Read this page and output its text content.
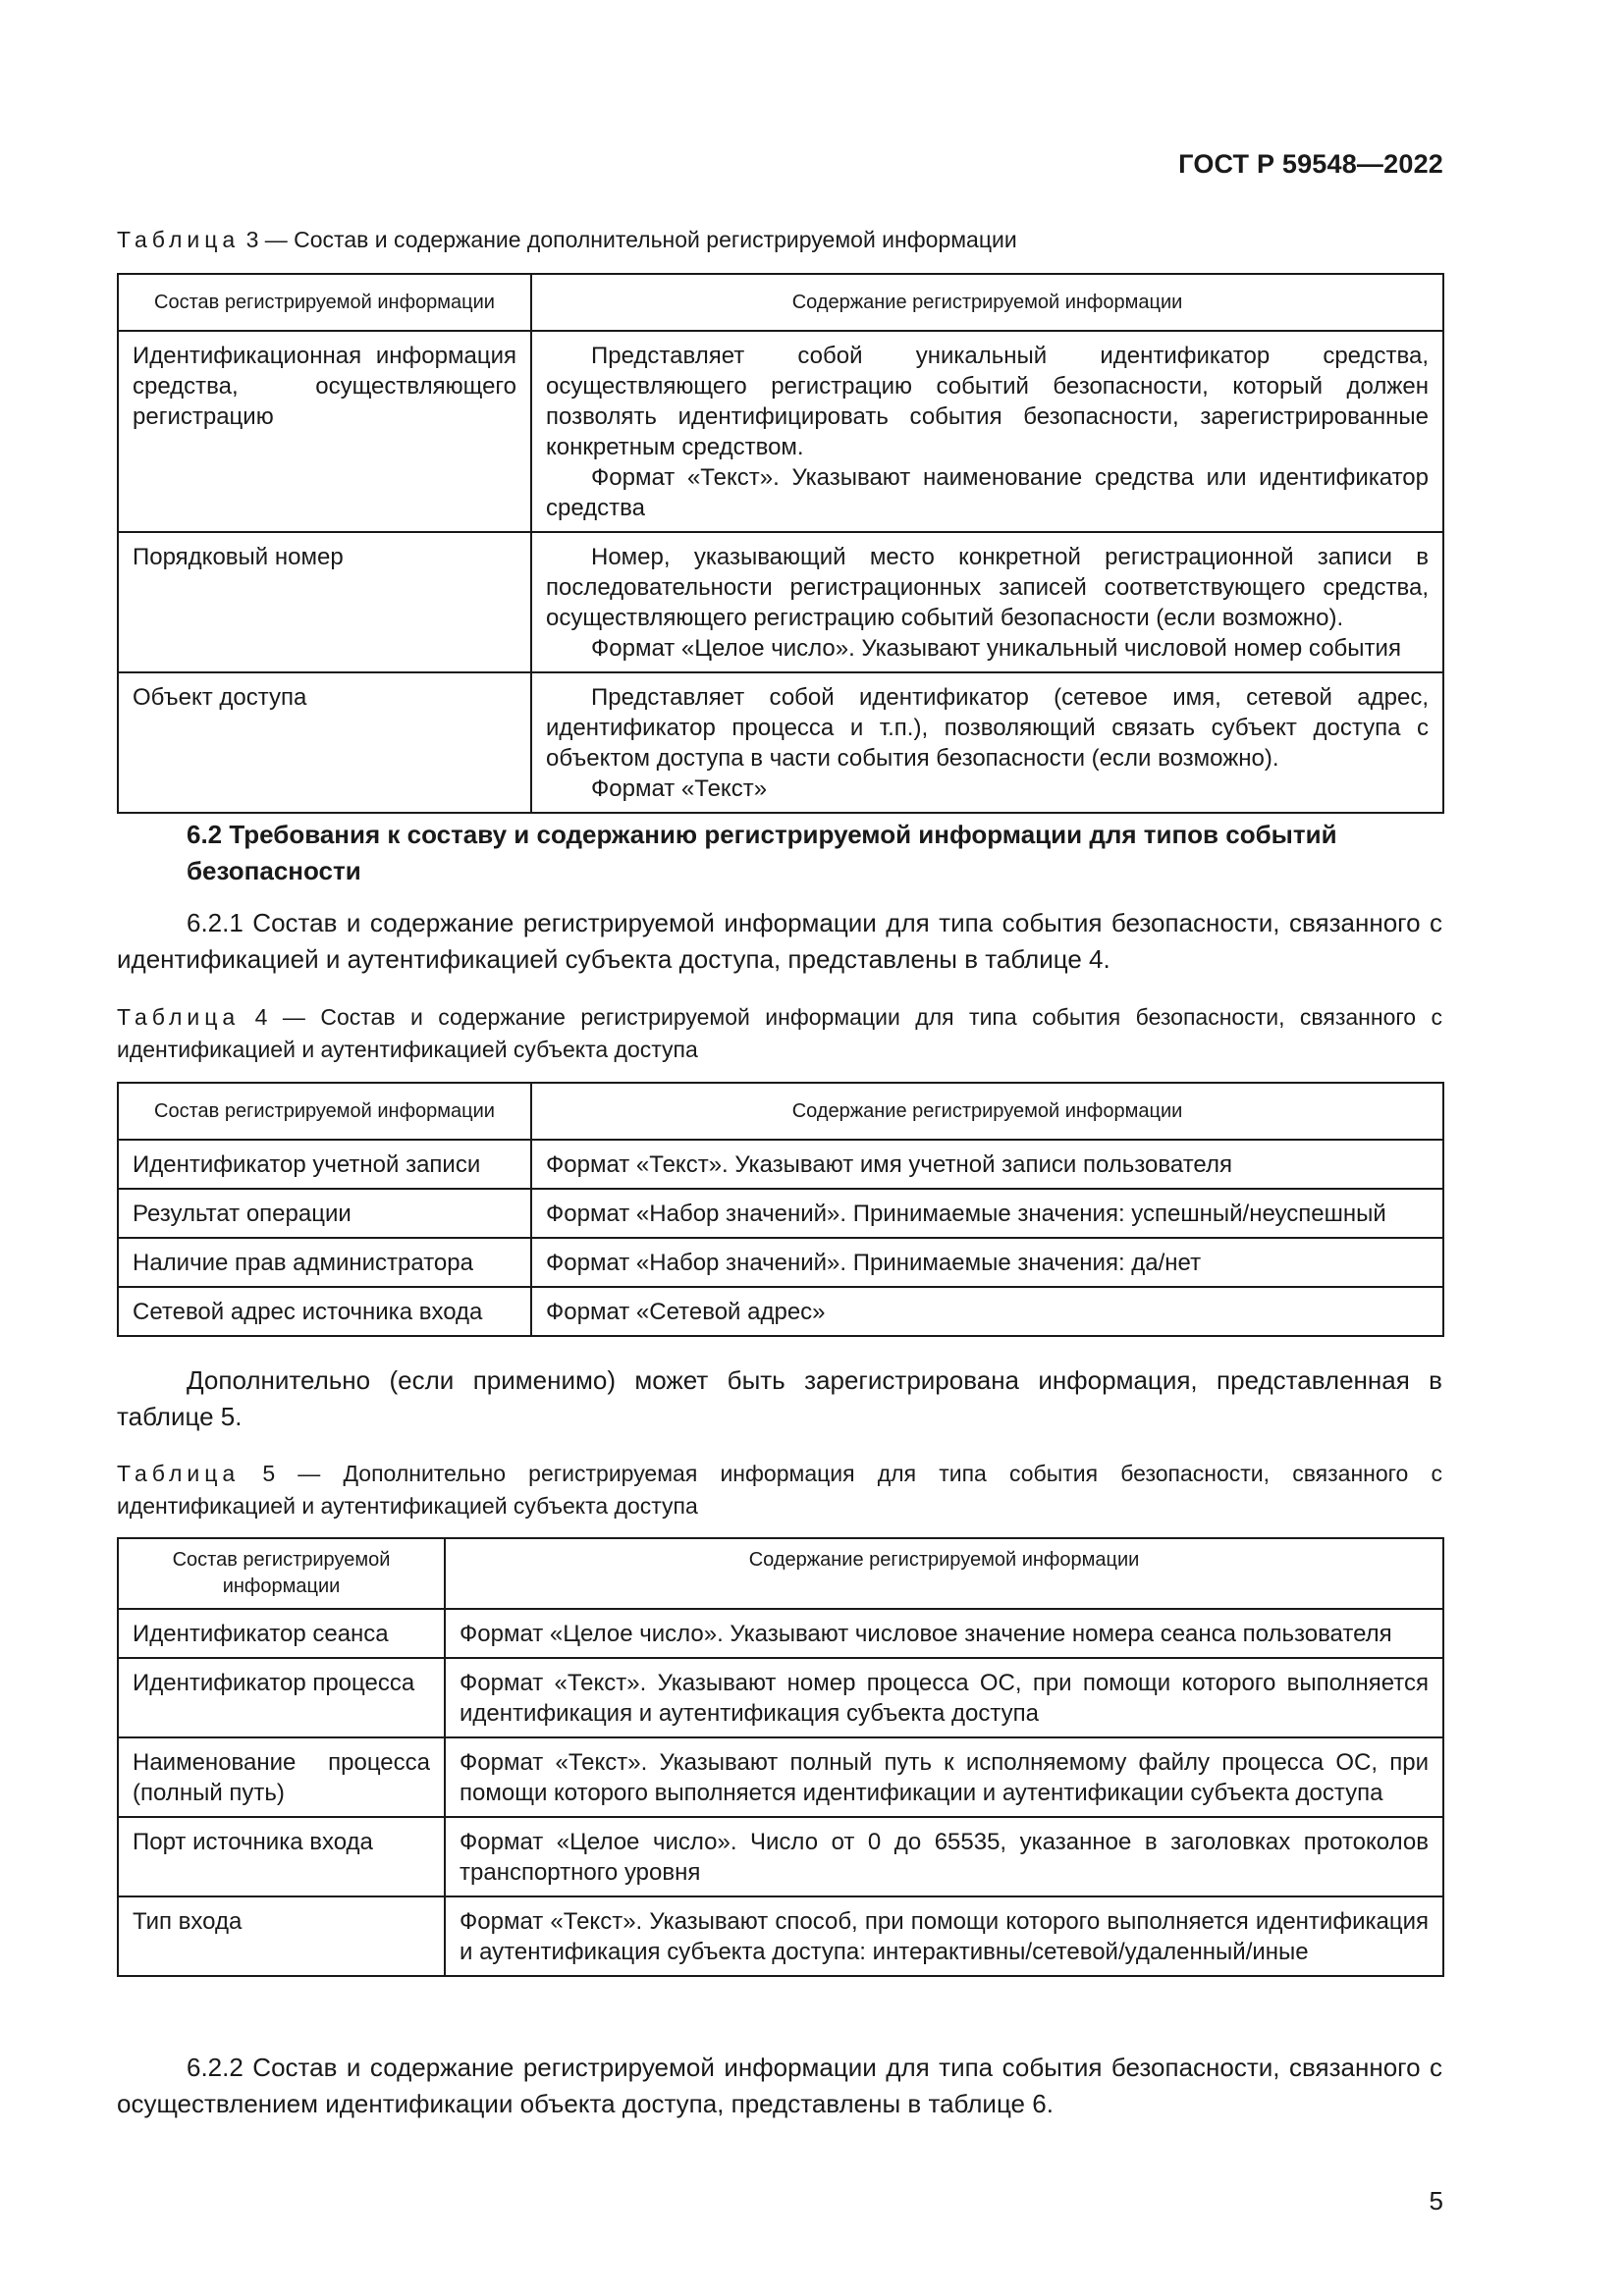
ГОСТ Р 59548—2022
Таблица 3 — Состав и содержание дополнительной регистрируемой информации
Состав регистрируемой информации	Содержание регистрируемой информации
Идентификационная информация средства, осуществляющего регистрацию	Представляет собой уникальный идентификатор средства, осуществляющего регистрацию событий безопасности, который должен позволять идентифицировать события безопасности, зарегистрированные конкретным средством.

Формат «Текст». Указывают наименование средства или идентификатор средства

Порядковый номер	Номер, указывающий место конкретной регистрационной записи в последовательности регистрационных записей соответствующего средства, осуществляющего регистрацию событий безопасности (если возможно).

Формат «Целое число». Указывают уникальный числовой номер события

Объект доступа	Представляет собой идентификатор (сетевое имя, сетевой адрес, идентификатор процесса и т.п.), позволяющий связать субъект доступа с объектом доступа в части события безопасности (если возможно).

Формат «Текст»

6.2 Требования к составу и содержанию регистрируемой информации для типов событий безопасности
6.2.1 Состав и содержание регистрируемой информации для типа события безопасности, связанного с идентификацией и аутентификацией субъекта доступа, представлены в таблице 4.
Таблица 4 — Состав и содержание регистрируемой информации для типа события безопасности, связанного с идентификацией и аутентификацией субъекта доступа
Состав регистрируемой информации	Содержание регистрируемой информации
Идентификатор учетной записи	Формат «Текст». Указывают имя учетной записи пользователя
Результат операции	Формат «Набор значений». Принимаемые значения: успешный/неуспешный
Наличие прав администратора	Формат «Набор значений». Принимаемые значения: да/нет
Сетевой адрес источника входа	Формат «Сетевой адрес»
Дополнительно (если применимо) может быть зарегистрирована информация, представленная в таблице 5.
Таблица 5 — Дополнительно регистрируемая информация для типа события безопасности, связанного с идентификацией и аутентификацией субъекта доступа
Состав регистрируемой информации	Содержание регистрируемой информации
Идентификатор сеанса	Формат «Целое число». Указывают числовое значение номера сеанса пользователя
Идентификатор процесса	Формат «Текст». Указывают номер процесса ОС, при помощи которого выполняется идентификация и аутентификация субъекта доступа
Наименование процесса (полный путь)	Формат «Текст». Указывают полный путь к исполняемому файлу процесса ОС, при помощи которого выполняется идентификации и аутентификации субъекта доступа
Порт источника входа	Формат «Целое число». Число от 0 до 65535, указанное в заголовках протоколов транспортного уровня
Тип входа	Формат «Текст». Указывают способ, при помощи которого выполняется идентификация и аутентификация субъекта доступа: интерактивны/сетевой/удаленный/иные
6.2.2 Состав и содержание регистрируемой информации для типа события безопасности, связанного с осуществлением идентификации объекта доступа, представлены в таблице 6.
5
